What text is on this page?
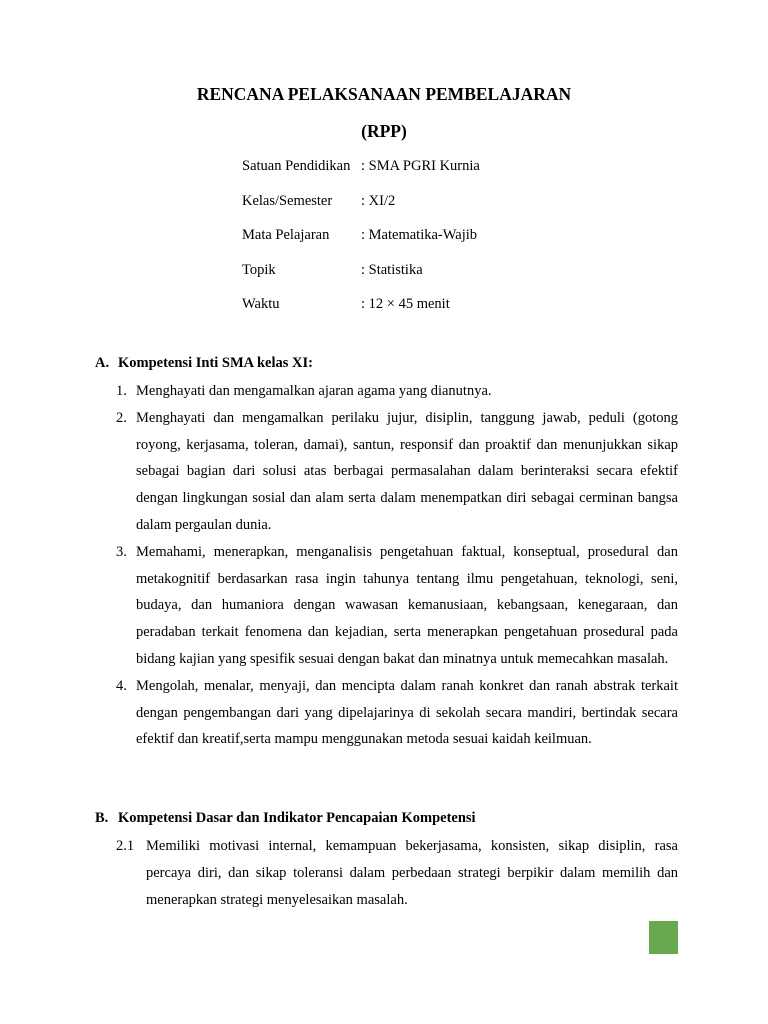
RENCANA PELAKSANAAN PEMBELAJARAN
(RPP)
Satuan Pendidikan : SMA PGRI Kurnia
Kelas/Semester : XI/2
Mata Pelajaran : Matematika-Wajib
Topik	: Statistika
Waktu	: 12 × 45 menit
A. Kompetensi Inti SMA kelas XI:
1. Menghayati dan mengamalkan ajaran agama yang dianutnya.
2. Menghayati dan mengamalkan perilaku jujur, disiplin, tanggung jawab, peduli (gotong royong, kerjasama, toleran, damai), santun, responsif dan proaktif dan menunjukkan sikap sebagai bagian dari solusi atas berbagai permasalahan dalam berinteraksi secara efektif dengan lingkungan sosial dan alam serta dalam menempatkan diri sebagai cerminan bangsa dalam pergaulan dunia.
3. Memahami, menerapkan, menganalisis pengetahuan faktual, konseptual, prosedural dan metakognitif berdasarkan rasa ingin tahunya tentang ilmu pengetahuan, teknologi, seni, budaya, dan humaniora dengan wawasan kemanusiaan, kebangsaan, kenegaraan, dan peradaban terkait fenomena dan kejadian, serta menerapkan pengetahuan prosedural pada bidang kajian yang spesifik sesuai dengan bakat dan minatnya untuk memecahkan masalah.
4. Mengolah, menalar, menyaji, dan mencipta dalam ranah konkret dan ranah abstrak terkait dengan pengembangan dari yang dipelajarinya di sekolah secara mandiri, bertindak secara efektif dan kreatif,serta mampu menggunakan metoda sesuai kaidah keilmuan.
B. Kompetensi Dasar dan Indikator Pencapaian Kompetensi
2.1 Memiliki motivasi internal, kemampuan bekerjasama, konsisten, sikap disiplin, rasa percaya diri, dan sikap toleransi dalam perbedaan strategi berpikir dalam memilih dan menerapkan strategi menyelesaikan masalah.
